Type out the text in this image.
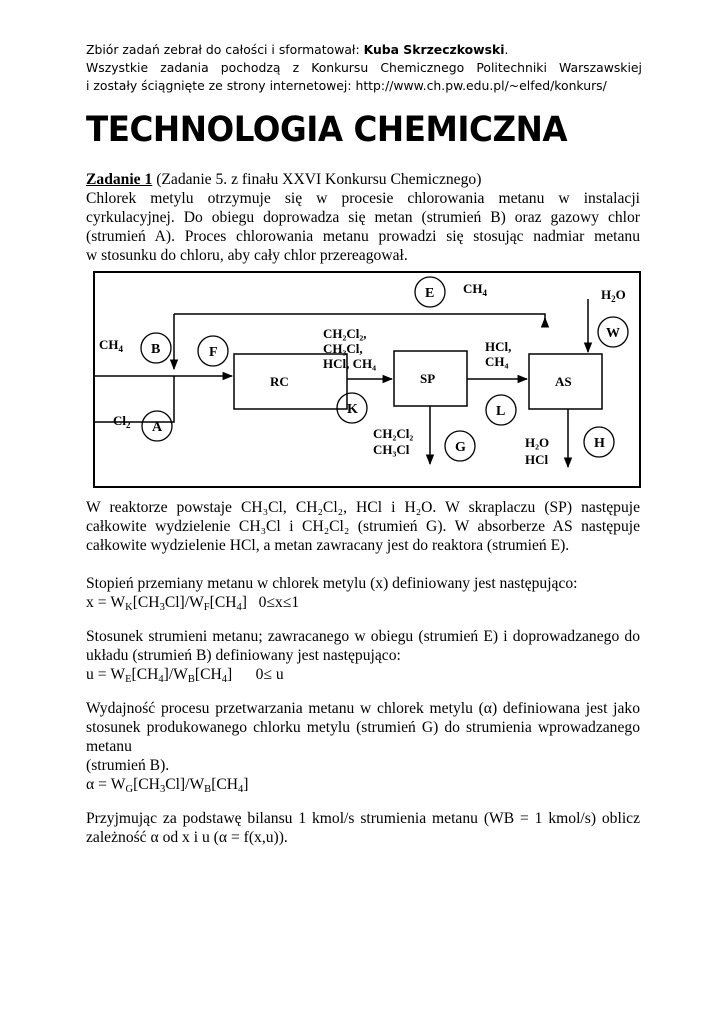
Zbiór zadań zebrał do całości i sformatował: Kuba Skrzeczkowski.
Wszystkie zadania pochodzą z Konkursu Chemicznego Politechniki Warszawskiej
i zostały ściągnięte ze strony internetowej: http://www.ch.pw.edu.pl/~elfed/konkurs/
TECHNOLOGIA CHEMICZNA
Zadanie 1 (Zadanie 5. z finału XXVI Konkursu Chemicznego)
Chlorek metylu otrzymuje się w procesie chlorowania metanu w instalacji
cyrkulacyjnej. Do obiegu doprowadza się metan (strumień B) oraz gazowy chlor
(strumień A). Proces chlorowania metanu prowadzi się stosując nadmiar metanu
w stosunku do chloru, aby cały chlor przereagował.
RC	SP	AS
E
B	F
A
K	L
G	H
W
$CH_4$	$H_2O$
$CH_4$
$Cl_2$
CH₂Cl₂,
CH₃Cl,
HCl, CH₄
HCl,
CH₄
CH₂Cl₂
CH₃Cl	H₂O
HCl
W reaktorze powstaje CH₃Cl, CH₂Cl₂, HCl i H₂O. W skraplaczu (SP) następuje
całkowite wydzielenie CH₃Cl i CH₂Cl₂ (strumień G). W absorberze AS następuje
całkowite wydzielenie HCl, a metan zawracany jest do reaktora (strumień E).
Stopień przemiany metanu w chlorek metylu (x) definiowany jest następująco:
$x = W_K[CH_3Cl]/W_F[CH_4]$   0≤x≤1
Stosunek strumieni metanu; zawracanego w obiegu (strumień E) i doprowadzanego do
układu (strumień B) definiowany jest następująco:
$u = W_E[CH_4]/W_B[CH_4]$      0≤ u
Wydajność procesu przetwarzania metanu w chlorek metylu (α) definiowana jest jako
stosunek produkowanego chlorku metylu (strumień G) do strumienia wprowadzanego
metanu
(strumień B).
$\alpha = W_G[CH_3Cl]/W_B[CH_4]$
Przyjmując za podstawę bilansu 1 kmol/s strumienia metanu (WB = 1 kmol/s) oblicz
zależność α od x i u (α = f(x,u)).
